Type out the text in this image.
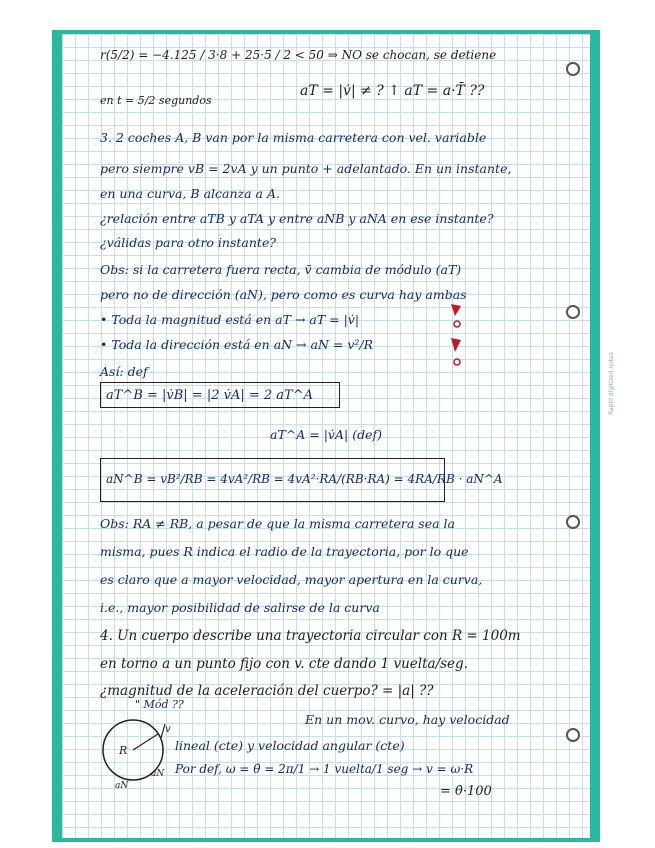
r(5/2) = −4.125 / 3·8 + 25·5 / 2 < 50 ⇒ NO se chocan, se detiene
en t = 5/2 segundos
aT = |v̇| ≠ ? ↑ aT = a·T̄ ??
3. 2 coches A, B van por la misma carretera con vel. variable
pero siempre vB = 2vA y un punto + adelantado. En un instante,
en una curva, B alcanza a A.
¿relación entre aTB y aTA y entre aNB y aNA en ese instante?
¿válidas para otro instante?
Obs: si la carretera fuera recta, v̄ cambia de módulo (aT)
pero no de dirección (aN), pero como es curva hay ambas
• Toda la magnitud está en aT → aT = |v̇|
• Toda la dirección está en aN → aN = v²/R
Así: def
aT^B = |v̇B| = |2 v̇A| = 2 aT^A
aT^A = |v̇A| (def)
aN^B = vB²/RB = 4vA²/RB = 4vA²·RA/(RB·RA) = 4RA/RB · aN^A
Obs: RA ≠ RB, a pesar de que la misma carretera sea la
misma, pues R indica el radio de la trayectoria, por lo que
es claro que a mayor velocidad, mayor apertura en la curva,
i.e., mayor posibilidad de salirse de la curva
4. Un cuerpo describe una trayectoria circular con R = 100m
en torno a un punto fijo con v. cte dando 1 vuelta/seg.
¿magnitud de la aceleración del cuerpo? = |a| ??
" Mód ??
En un mov. curvo, hay velocidad
lineal (cte) y velocidad angular (cte)
Por def, ω = θ̇ = 2π/1 → 1 vuelta/1 seg → v = ω·R
= θ̇·100
R
v
aN
aN
Rapid digitized notes
